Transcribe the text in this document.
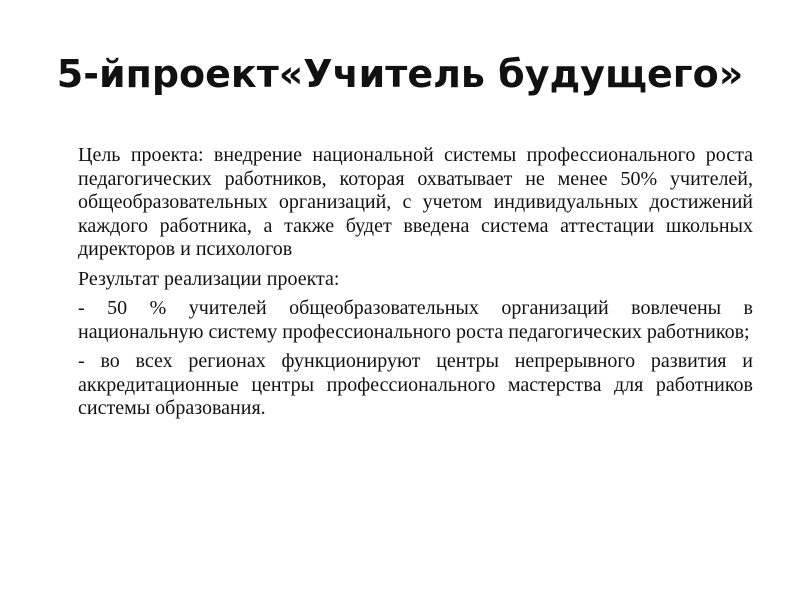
5-йпроект«Учитель будущего»

Цель проекта: внедрение национальной системы профессионального роста педагогических работников, которая охватывает не менее 50% учителей, общеобразовательных организаций, с учетом индивидуальных достижений каждого работника, а также будет введена система аттестации школьных директоров и психологов

Результат реализации проекта:

- 50 % учителей общеобразовательных организаций вовлечены в национальную систему профессионального роста педагогических работников;

- во всех регионах функционируют центры непрерывного развития и аккредитационные центры профессионального мастерства для работников системы образования.
